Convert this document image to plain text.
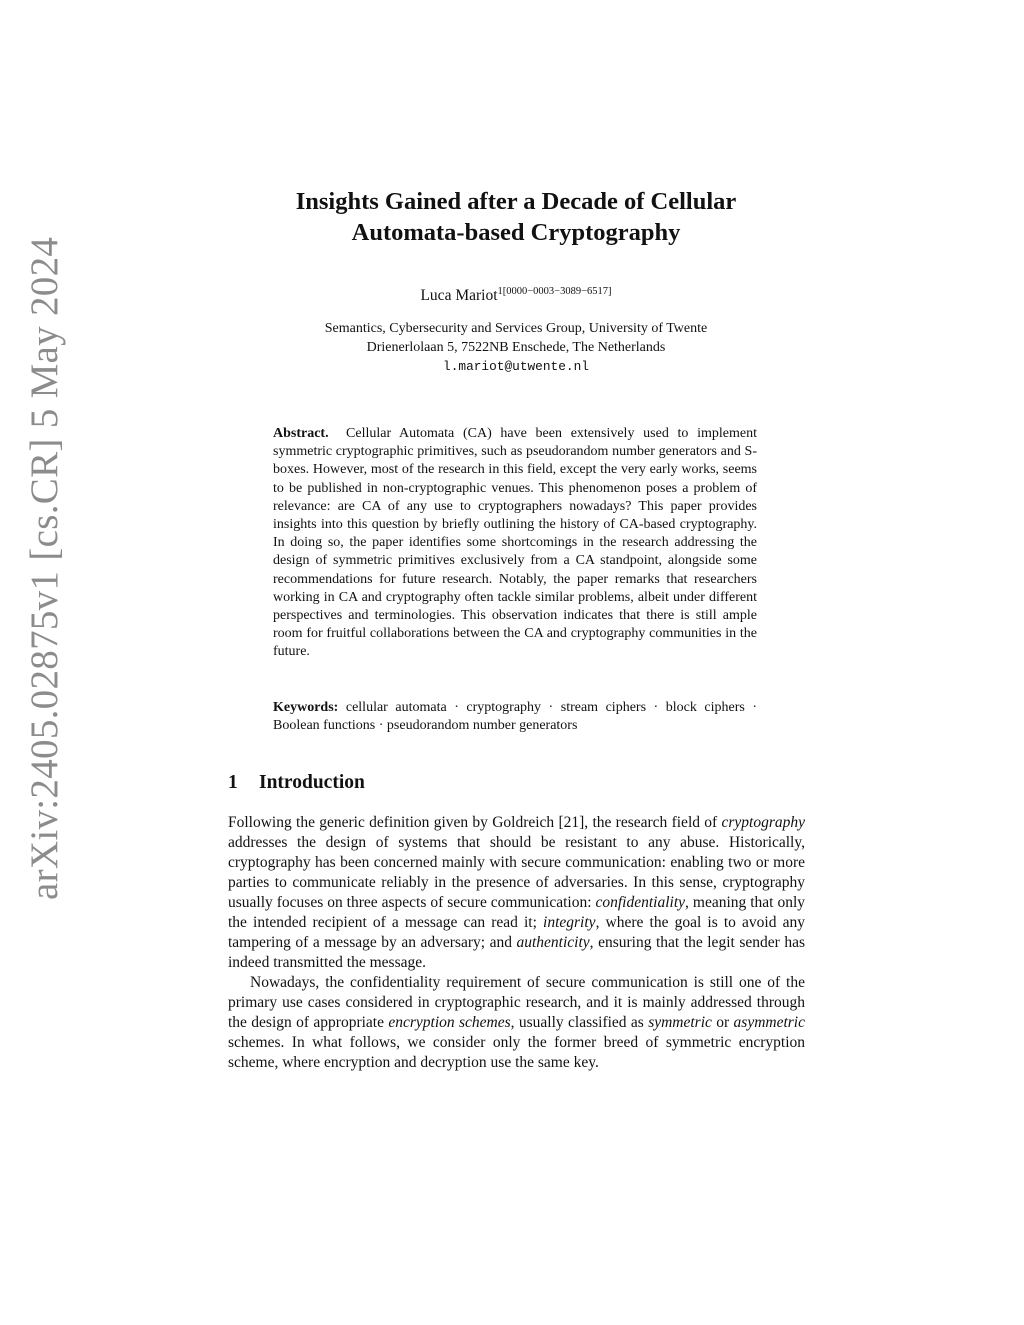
arXiv:2405.02875v1 [cs.CR] 5 May 2024
Insights Gained after a Decade of Cellular
Automata-based Cryptography
Luca Mariot$^{1[0000-0003-3089-6517]}$
Semantics, Cybersecurity and Services Group, University of Twente
Drienerlolaan 5, 7522NB Enschede, The Netherlands
l.mariot@utwente.nl

Abstract. Cellular Automata (CA) have been extensively used to implement symmetric cryptographic primitives, such as pseudorandom number generators and S-boxes. However, most of the research in this field, except the very early works, seems to be published in non-cryptographic venues. This phenomenon poses a problem of relevance: are CA of any use to cryptographers nowadays? This paper provides insights into this question by briefly outlining the history of CA-based cryptography. In doing so, the paper identifies some shortcomings in the research addressing the design of symmetric primitives exclusively from a CA standpoint, alongside some recommendations for future research. Notably, the paper remarks that researchers working in CA and cryptography often tackle similar problems, albeit under different perspectives and terminologies. This observation indicates that there is still ample room for fruitful collaborations between the CA and cryptography communities in the future.

Keywords: cellular automata · cryptography · stream ciphers · block ciphers · Boolean functions · pseudorandom number generators

1 Introduction

Following the generic definition given by Goldreich [21], the research field of cryptography addresses the design of systems that should be resistant to any abuse. Historically, cryptography has been concerned mainly with secure communication: enabling two or more parties to communicate reliably in the presence of adversaries. In this sense, cryptography usually focuses on three aspects of secure communication: confidentiality, meaning that only the intended recipient of a message can read it; integrity, where the goal is to avoid any tampering of a message by an adversary; and authenticity, ensuring that the legit sender has indeed transmitted the message.

Nowadays, the confidentiality requirement of secure communication is still one of the primary use cases considered in cryptographic research, and it is mainly addressed through the design of appropriate encryption schemes, usually classified as symmetric or asymmetric schemes. In what follows, we consider only the former breed of symmetric encryption scheme, where encryption and decryption use the same key.
